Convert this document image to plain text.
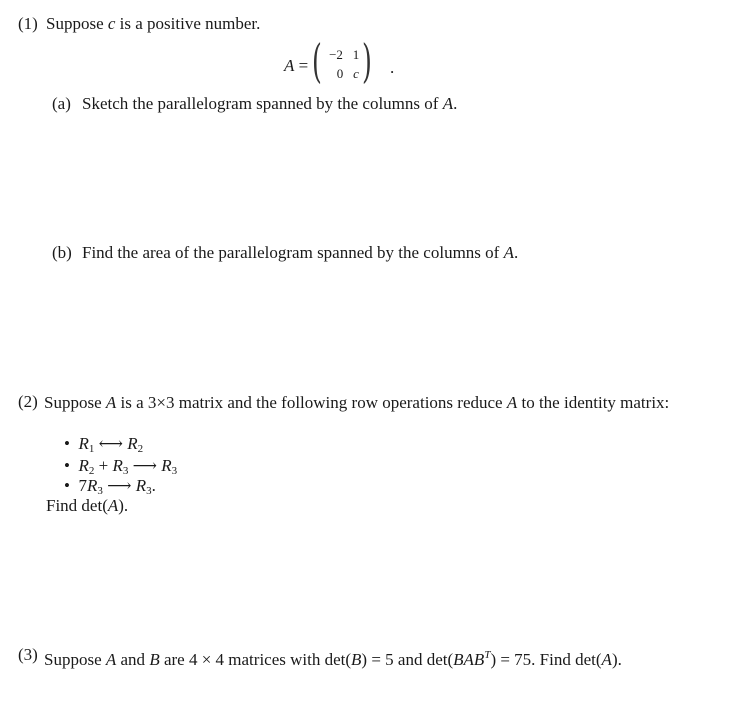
(1) Suppose c is a positive number.
A = ( −2 1
0 c ) .
(a) Sketch the parallelogram spanned by the columns of A.
(b) Find the area of the parallelogram spanned by the columns of A.
(2) Suppose A is a 3×3 matrix and the following row operations reduce A to the identity matrix:
•  $R_1$ ⟷ $R_2$
•  $R_2 + R_3$ ⟶ $R_3$
•  $7R_3$ ⟶ $R_3$.
Find det(A).
(3) Suppose A and B are 4 × 4 matrices with det(B) = 5 and $\det(BAB^T) = 75$. Find det(A).
